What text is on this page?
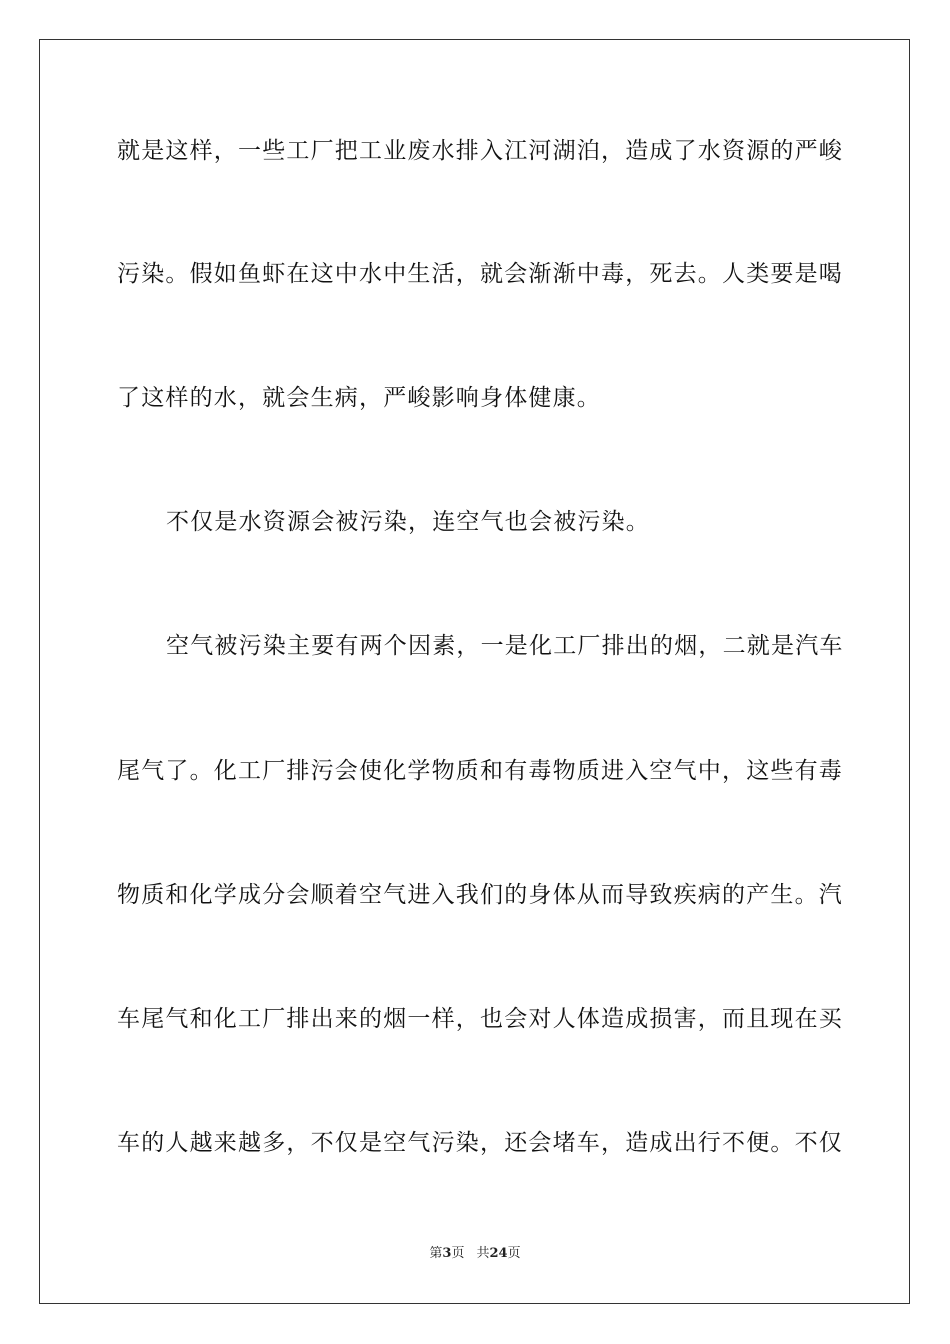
就是这样，一些工厂把工业废水排入江河湖泊，造成了水资源的严峻
污染。假如鱼虾在这中水中生活，就会渐渐中毒，死去。人类要是喝
了这样的水，就会生病，严峻影响身体健康。
不仅是水资源会被污染，连空气也会被污染。
空气被污染主要有两个因素，一是化工厂排出的烟，二就是汽车
尾气了。化工厂排污会使化学物质和有毒物质进入空气中，这些有毒
物质和化学成分会顺着空气进入我们的身体从而导致疾病的产生。汽
车尾气和化工厂排出来的烟一样，也会对人体造成损害，而且现在买
车的人越来越多，不仅是空气污染，还会堵车，造成出行不便。不仅
第3页 共24页
